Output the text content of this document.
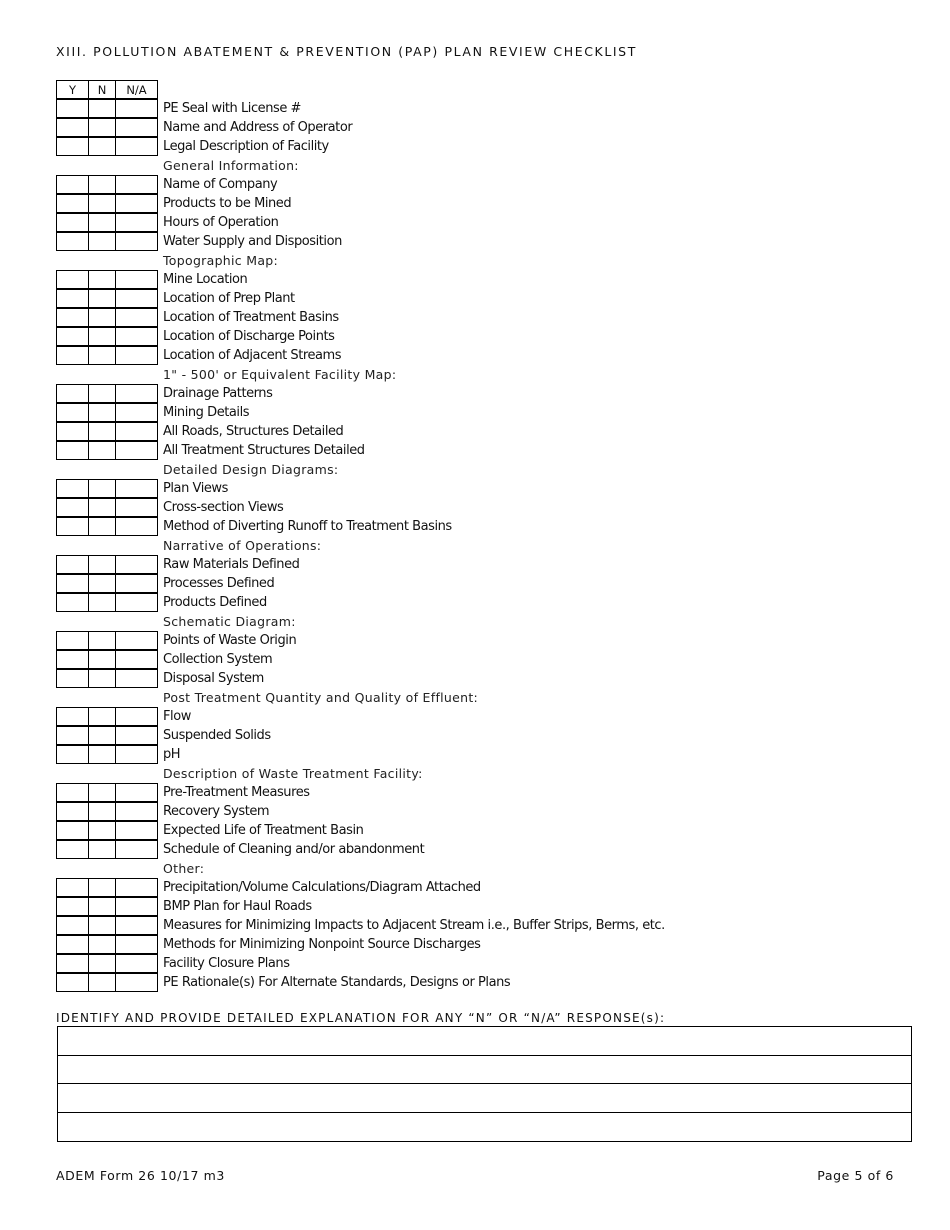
XIII. POLLUTION ABATEMENT & PREVENTION (PAP) PLAN REVIEW CHECKLIST
Y	N	N/A
PE Seal with License #
Name and Address of Operator
Legal Description of Facility
General Information:
Name of Company
Products to be Mined
Hours of Operation
Water Supply and Disposition
Topographic Map:
Mine Location
Location of Prep Plant
Location of Treatment Basins
Location of Discharge Points
Location of Adjacent Streams
1" - 500' or Equivalent Facility Map:
Drainage Patterns
Mining Details
All Roads, Structures Detailed
All Treatment Structures Detailed
Detailed Design Diagrams:
Plan Views
Cross-section Views
Method of Diverting Runoff to Treatment Basins
Narrative of Operations:
Raw Materials Defined
Processes Defined
Products Defined
Schematic Diagram:
Points of Waste Origin
Collection System
Disposal System
Post Treatment Quantity and Quality of Effluent:
Flow
Suspended Solids
pH
Description of Waste Treatment Facility:
Pre-Treatment Measures
Recovery System
Expected Life of Treatment Basin
Schedule of Cleaning and/or abandonment
Other:
Precipitation/Volume Calculations/Diagram Attached
BMP Plan for Haul Roads
Measures for Minimizing Impacts to Adjacent Stream i.e., Buffer Strips, Berms, etc.
Methods for Minimizing Nonpoint Source Discharges
Facility Closure Plans
PE Rationale(s) For Alternate Standards, Designs or Plans
IDENTIFY AND PROVIDE DETAILED EXPLANATION FOR ANY “N” OR “N/A” RESPONSE(s):
ADEM Form 26 10/17 m3	Page 5 of 6
